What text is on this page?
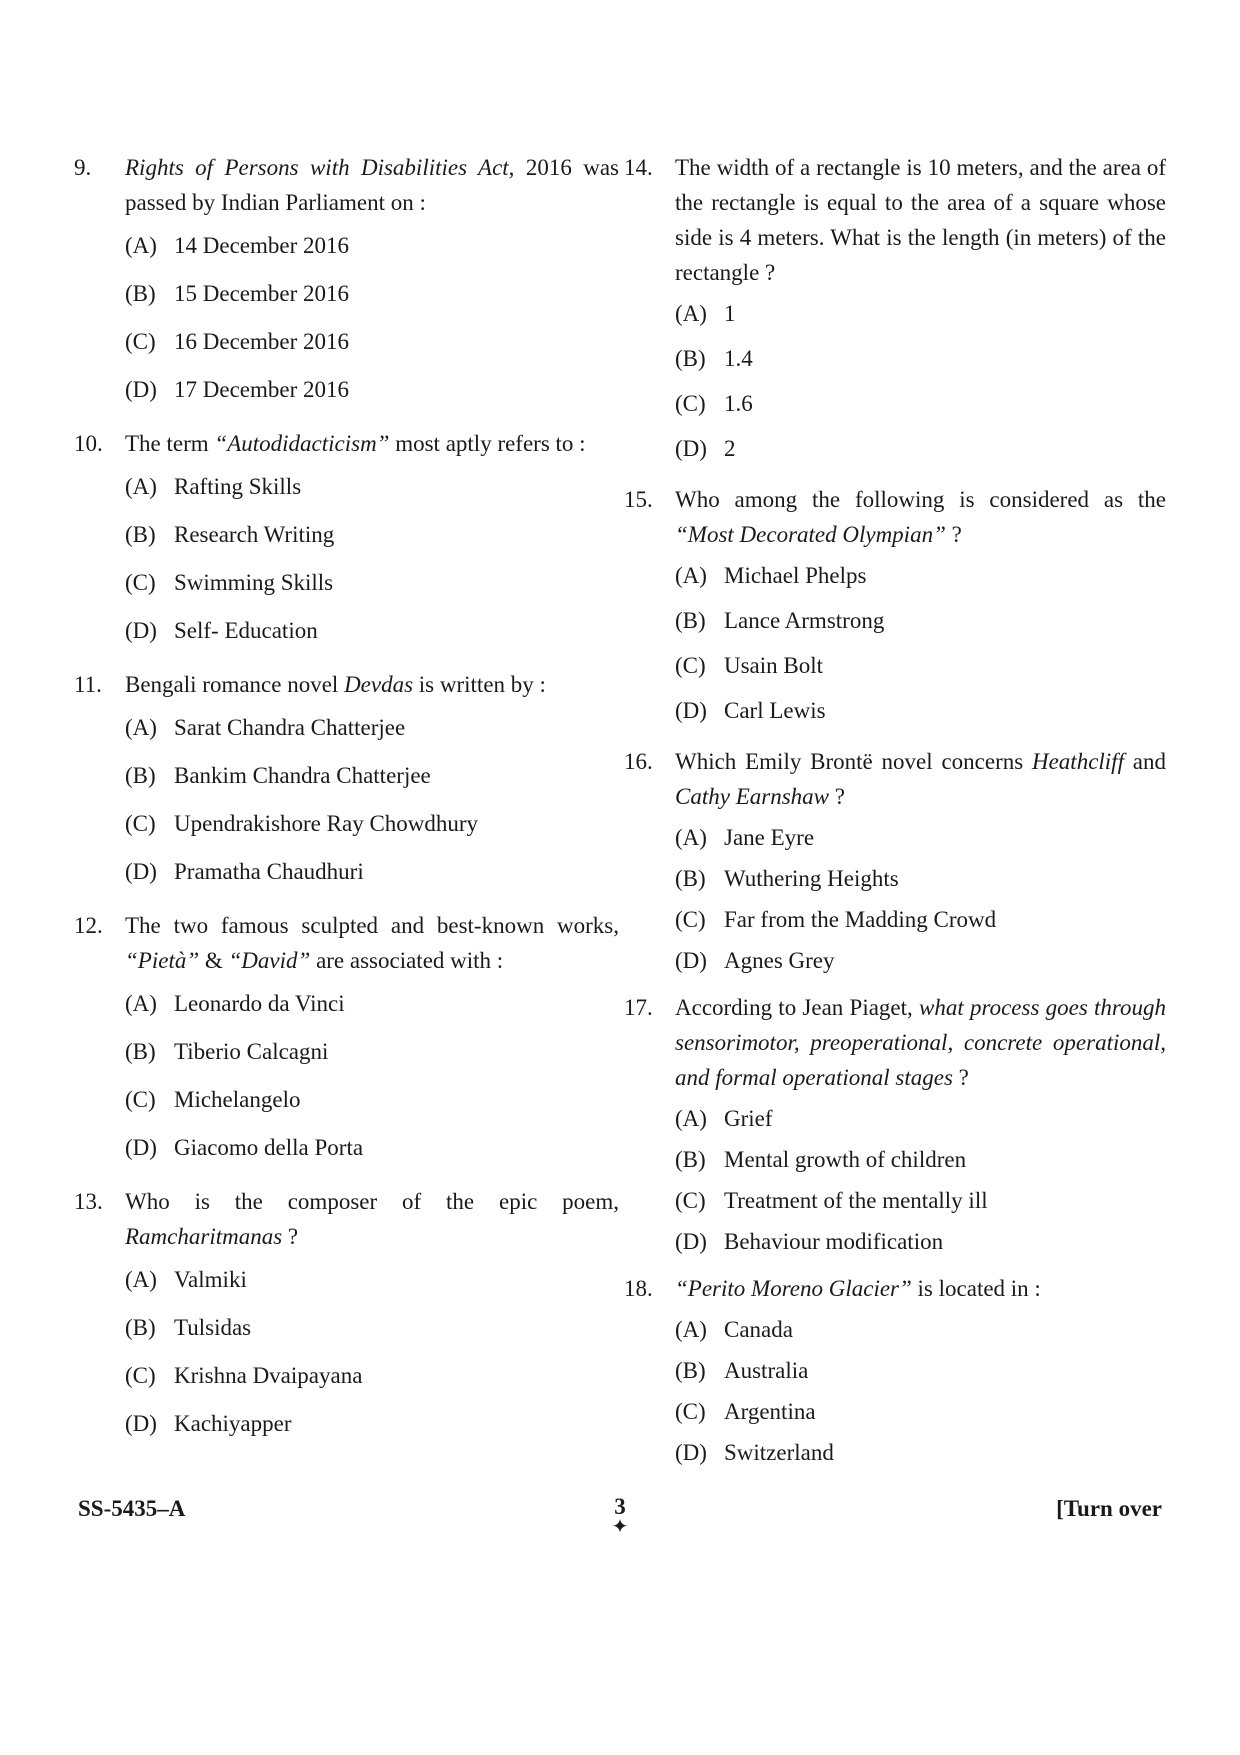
9.	Rights of Persons with Disabilities Act, 2016 was passed by Indian Parliament on :
(A) 14 December 2016
(B) 15 December 2016
(C) 16 December 2016
(D) 17 December 2016
10. The term “Autodidacticism” most aptly refers to :
(A) Rafting Skills
(B) Research Writing
(C) Swimming Skills
(D) Self- Education
11.	Bengali romance novel Devdas is written by :
(A) Sarat Chandra Chatterjee
(B) Bankim Chandra Chatterjee
(C) Upendrakishore Ray Chowdhury
(D) Pramatha Chaudhuri
12. The two famous sculpted and best-known works, “Pietà” & “David” are associated with :
(A) Leonardo da Vinci
(B) Tiberio Calcagni
(C) Michelangelo
(D) Giacomo della Porta
13. Who is the composer of the epic poem, Ramcharitmanas ?
(A) Valmiki
(B) Tulsidas
(C) Krishna Dvaipayana
(D) Kachiyapper
14. The width of a rectangle is 10 meters, and the area of the rectangle is equal to the area of a square whose side is 4 meters. What is the length (in meters) of the rectangle ?
(A) 1
(B) 1.4
(C) 1.6
(D) 2
15. Who among the following is considered as the “Most Decorated Olympian” ?
(A) Michael Phelps
(B) Lance Armstrong
(C) Usain Bolt
(D) Carl Lewis
16. Which Emily Brontë novel concerns Heathcliff and Cathy Earnshaw ?
(A) Jane Eyre
(B) Wuthering Heights
(C) Far from the Madding Crowd
(D) Agnes Grey
17. According to Jean Piaget, what process goes through sensorimotor, preoperational, concrete operational, and formal operational stages ?
(A) Grief
(B) Mental growth of children
(C) Treatment of the mentally ill
(D) Behaviour modification
18. “Perito Moreno Glacier” is located in :
(A) Canada
(B) Australia
(C) Argentina
(D) Switzerland
SS-5435–A	3
✦
[Turn over
